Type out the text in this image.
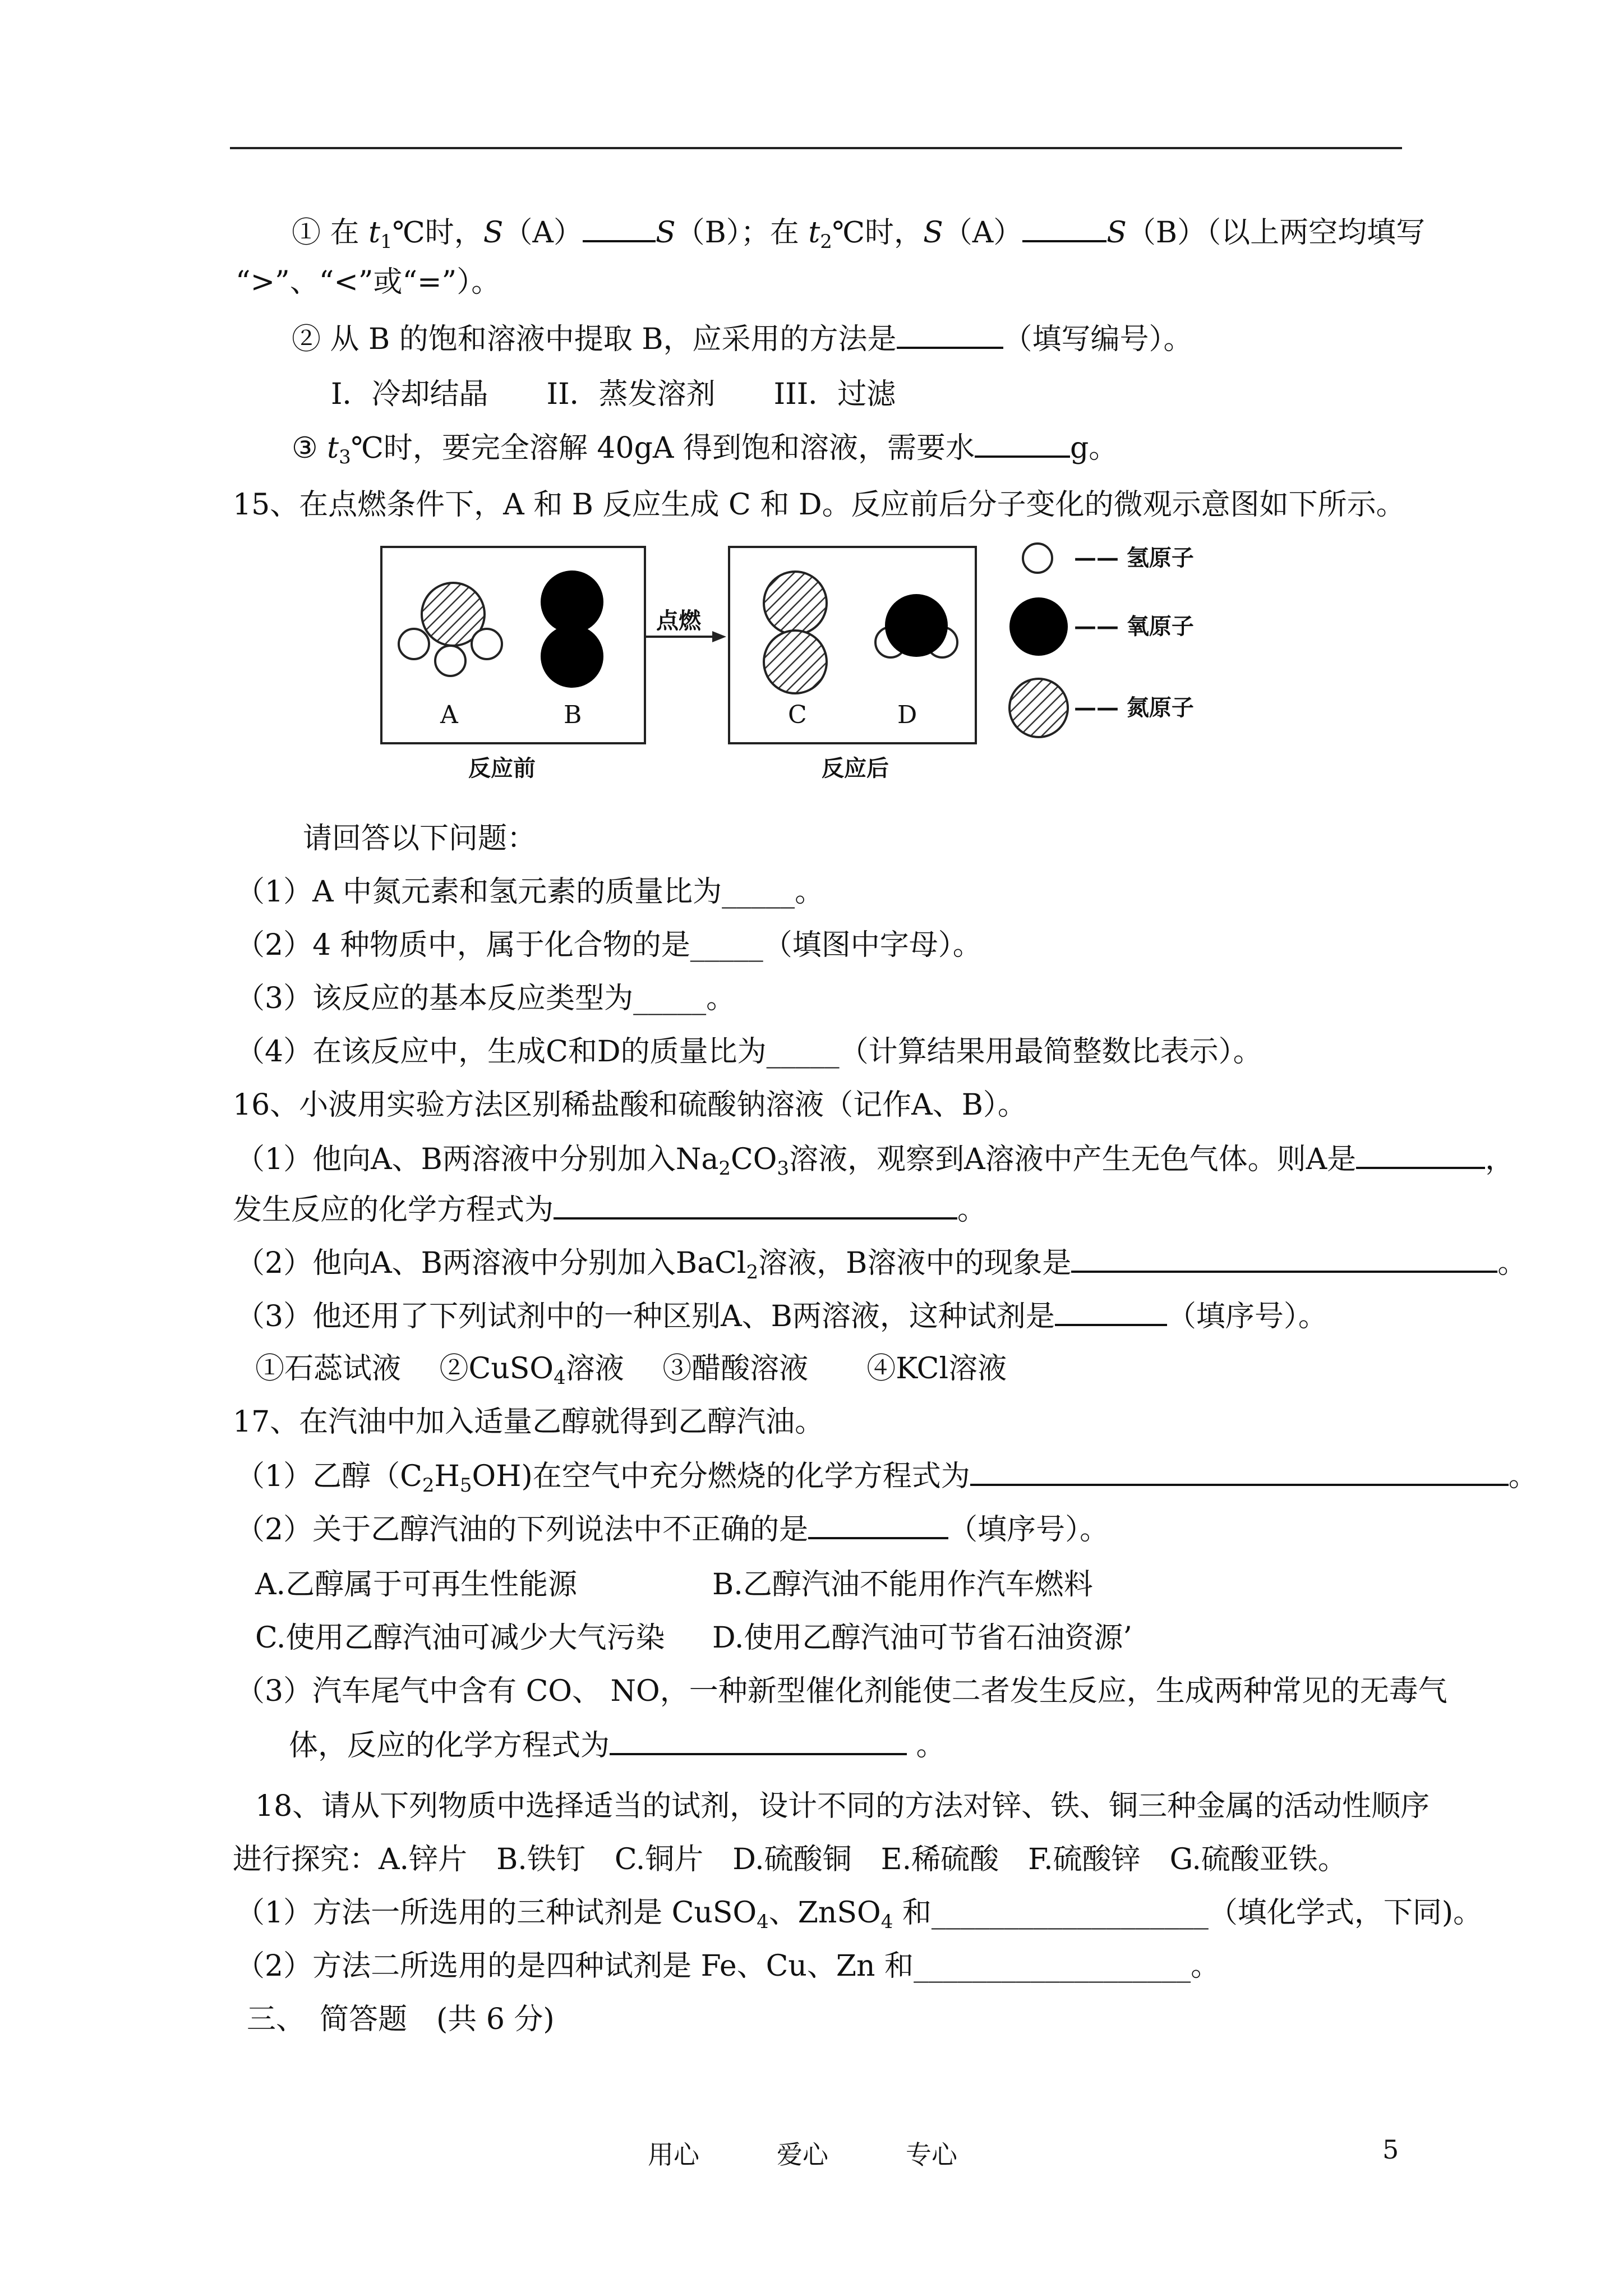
① 在 $t_1℃$时，S（A）	S（B）；在 $t_2℃$时，S（A）	S（B）（以上两空均填写
“>”、“<”或“=”）。
② 从 B 的饱和溶液中提取 B，应采用的方法是	（填写编号）。
I．冷却结晶　　II．蒸发溶剂　　III．过滤
③ $t_3℃$时，要完全溶解 40gA 得到饱和溶液，需要水	g。
15、在点燃条件下，A 和 B 反应生成 C 和 D。反应前后分子变化的微观示意图如下所示。
点燃
A	B	C	D
反应前	反应后
—— 氢原子
—— 氧原子
—— 氮原子
请回答以下问题：
（1）A 中氮元素和氢元素的质量比为_____。
（2）4 种物质中，属于化合物的是_____（填图中字母）。
（3）该反应的基本反应类型为_____。
（4）在该反应中，生成C和D的质量比为_____（计算结果用最简整数比表示）。
16、小波用实验方法区别稀盐酸和硫酸钠溶液（记作A、B）。
（1）他向A、B两溶液中分别加入$Na_2CO_3$溶液，观察到A溶液中产生无色气体。则A是	，
发生反应的化学方程式为	。
（2）他向A、B两溶液中分别加入BaCl$_2$溶液，B溶液中的现象是	。
（3）他还用了下列试剂中的一种区别A、B两溶液，这种试剂是	（填序号）。
①石蕊试液　 ②CuSO$_4$溶液　 ③醋酸溶液　　④KCl溶液
17、在汽油中加入适量乙醇就得到乙醇汽油。
（1）乙醇$(C_2H_5OH)$在空气中充分燃烧的化学方程式为	。
（2）关于乙醇汽油的下列说法中不正确的是	（填序号）。
A.乙醇属于可再生性能源	B.乙醇汽油不能用作汽车燃料
C.使用乙醇汽油可减少大气污染 D.使用乙醇汽油可节省石油资源’
（3）汽车尾气中含有 CO、 NO，一种新型催化剂能使二者发生反应，生成两种常见的无毒气
体，反应的化学方程式为	。
18、请从下列物质中选择适当的试剂，设计不同的方法对锌、铁、铜三种金属的活动性顺序
进行探究：A.锌片　B.铁钉　C.铜片　D.硫酸铜　E.稀硫酸　F.硫酸锌　G.硫酸亚铁。
（1）方法一所选用的三种试剂是 CuSO$_4$、ZnSO$_4$ 和___________________（填化学式，下同)。
（2）方法二所选用的是四种试剂是 Fe、Cu、Zn 和___________________。
三、　简答题　(共 6 分)
用心　　　爱心　　　专心	5
